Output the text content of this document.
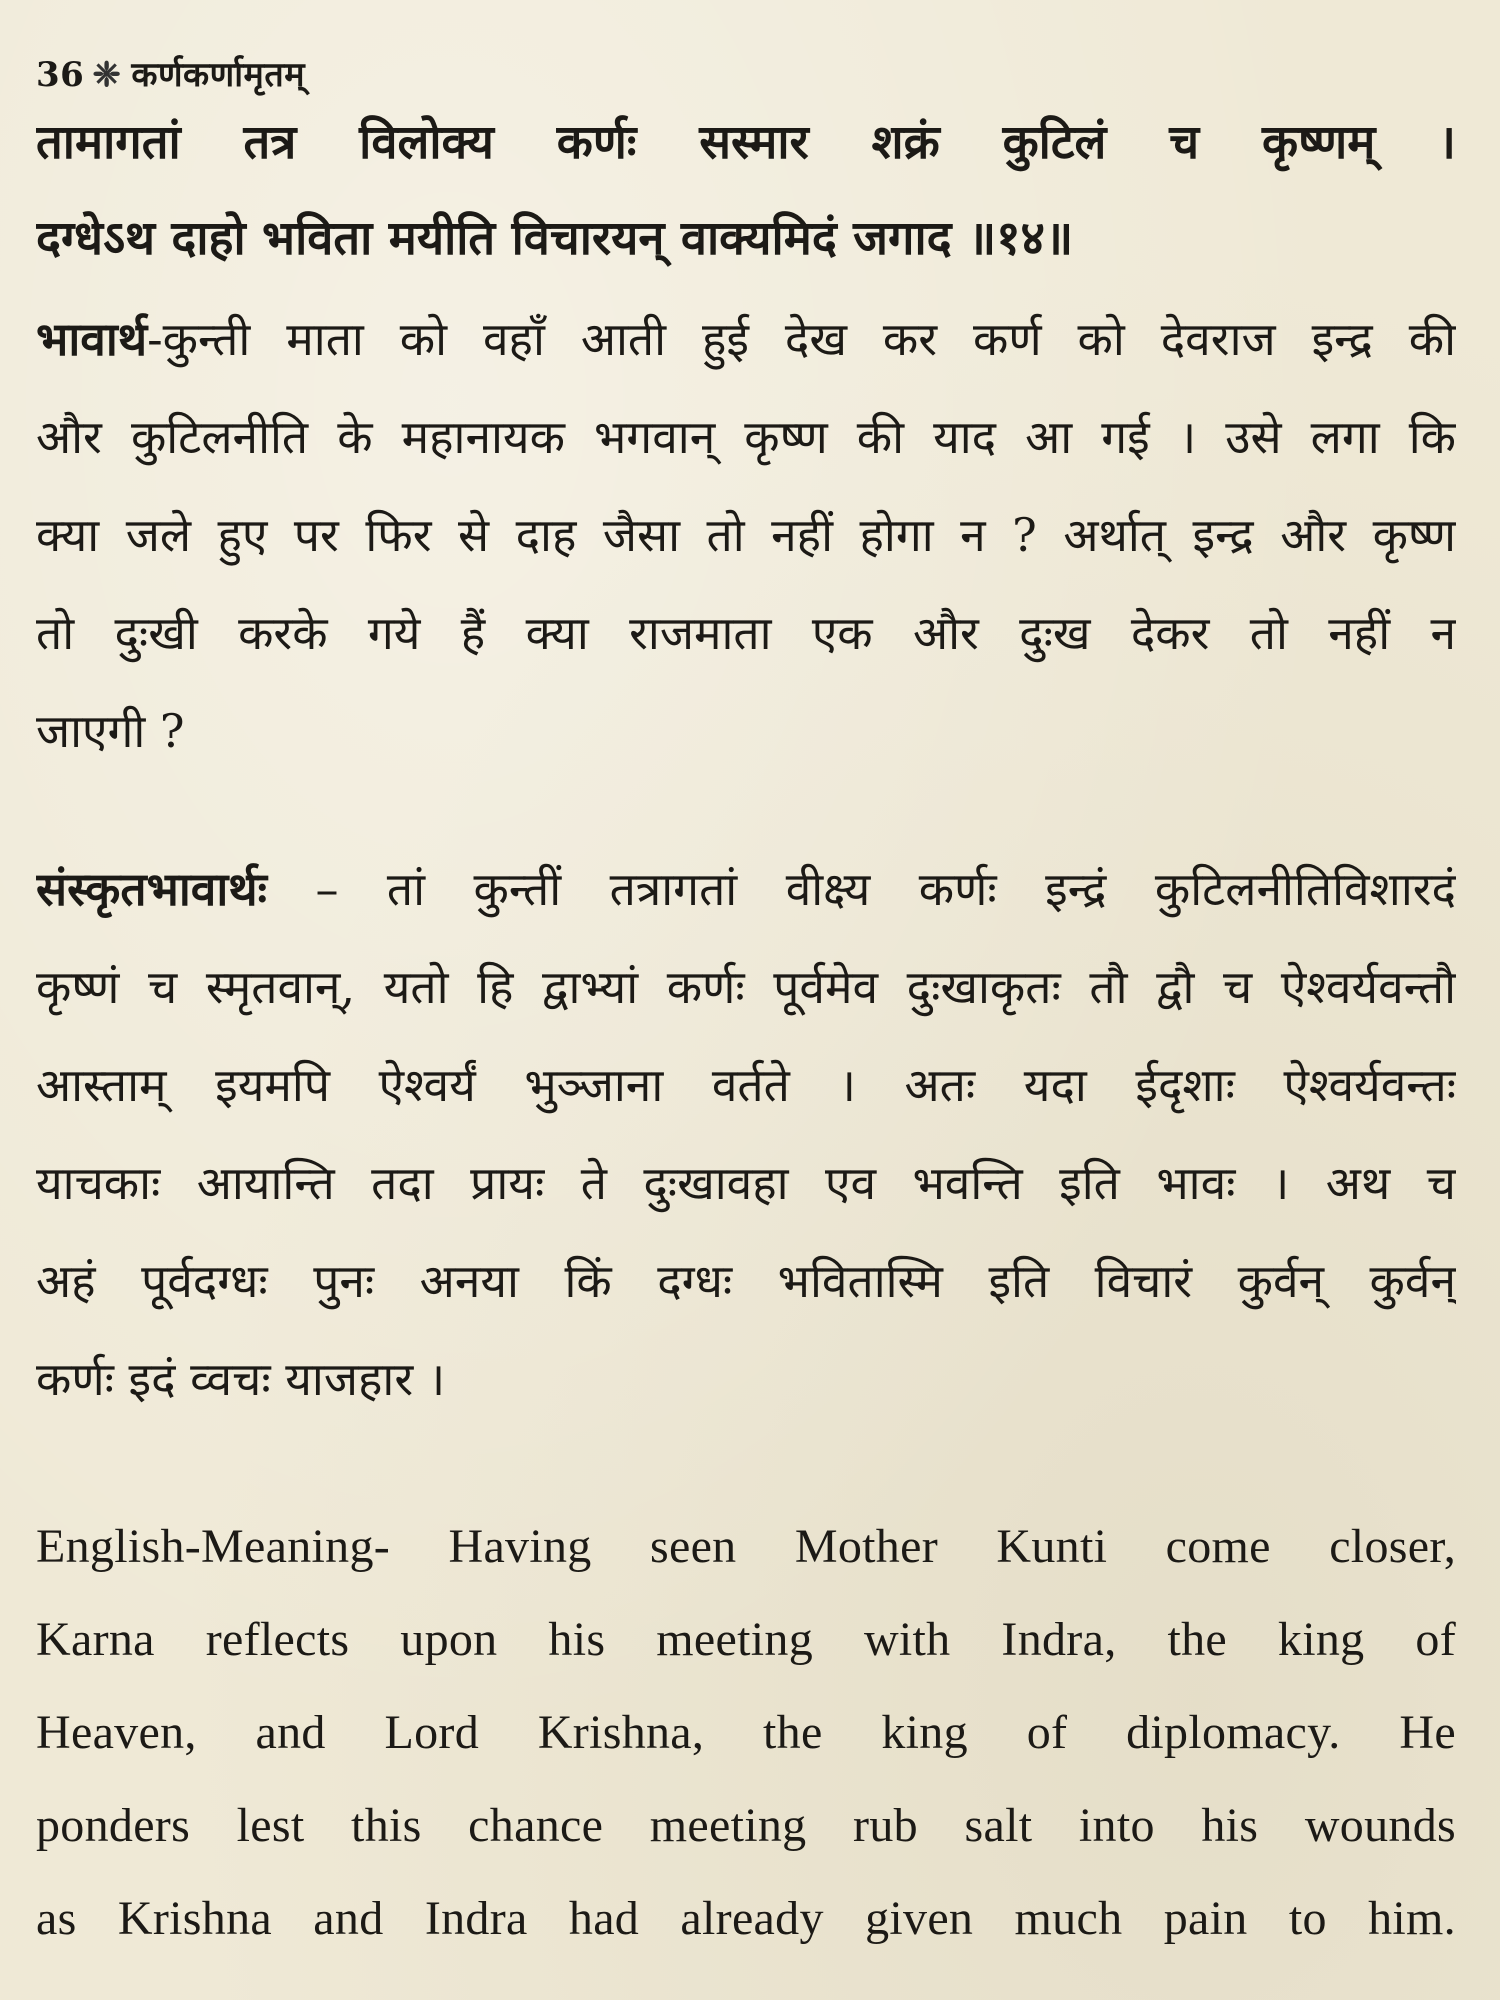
36 ❈ कर्णकर्णामृतम्
तामागतां तत्र विलोक्य कर्णः सस्मार शक्रं कुटिलं च कृष्णम् ।
दग्धेऽथ दाहो भविता मयीति विचारयन् वाक्यमिदं जगाद ॥१४॥
भावार्थ-कुन्ती माता को वहाँ आती हुई देख कर कर्ण को देवराज इन्द्र की
और कुटिलनीति के महानायक भगवान् कृष्ण की याद आ गई । उसे लगा कि
क्या जले हुए पर फिर से दाह जैसा तो नहीं होगा न ? अर्थात् इन्द्र और कृष्ण
तो दुःखी करके गये हैं क्या राजमाता एक और दुःख देकर तो नहीं न
जाएगी ?
संस्कृतभावार्थः – तां कुन्तीं तत्रागतां वीक्ष्य कर्णः इन्द्रं कुटिलनीतिविशारदं
कृष्णं च स्मृतवान्, यतो हि द्वाभ्यां कर्णः पूर्वमेव दुःखाकृतः तौ द्वौ च ऐश्वर्यवन्तौ
आस्ताम् इयमपि ऐश्वर्यं भुञ्जाना वर्तते । अतः यदा ईदृशाः ऐश्वर्यवन्तः
याचकाः आयान्ति तदा प्रायः ते दुःखावहा एव भवन्ति इति भावः । अथ च
अहं पूर्वदग्धः पुनः अनया किं दग्धः भवितास्मि इति विचारं कुर्वन् कुर्वन्
कर्णः इदं व्वचः याजहार ।
English-Meaning- Having seen Mother Kunti come closer,
Karna reflects upon his meeting with Indra, the king of
Heaven, and Lord Krishna, the king of diplomacy. He
ponders lest this chance meeting rub salt into his wounds
as Krishna and Indra had already given much pain to him.
